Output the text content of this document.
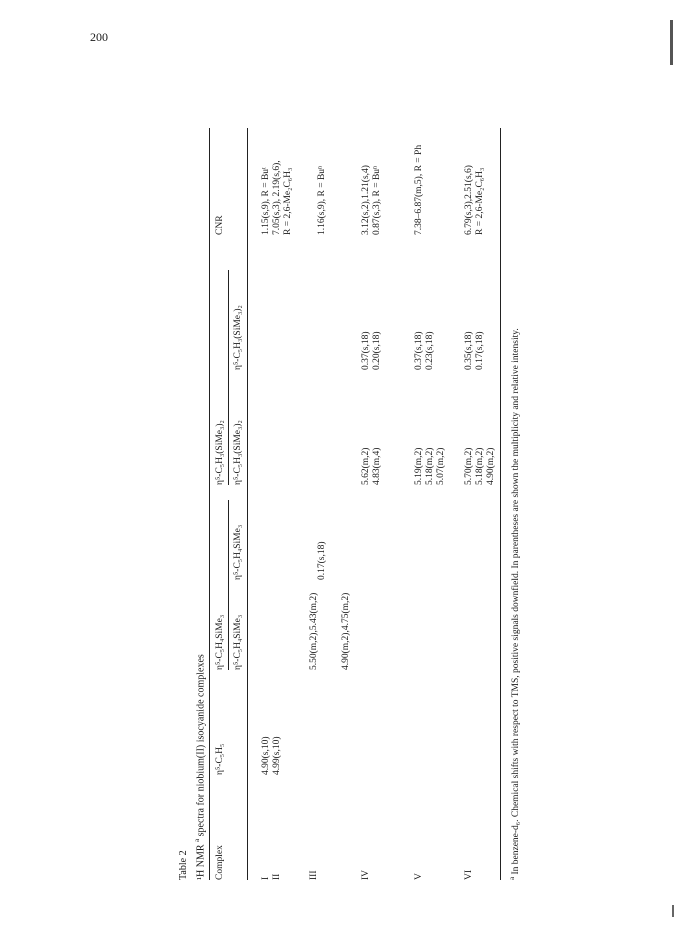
200
Table 2 ¹H NMR $^a$ spectra for niobium(II) isocyanide complexes
Complex
η⁵-C₅H₅
η⁵-C₅H₄SiMe₃ η⁵-C₅H₄SiMe₃
η⁵-C₅H₄SiMe₃
η⁵-C₅H₃(SiMe₃)₂ η⁵-C₅H₃(SiMe₃)₂
η⁵-C₅H₃(SiMe₃)₂
CNR
I
4.90(s,10)
1.15(s,9), R = Buᵗ
II
4.99(s,10)
7.05(s,3), 2.19(s,6), R = 2,6-Me₂C₆H₃
III
5.50(m,2),5.43(m,2)
0.17(s,18)
1.16(s,9), R = Buⁿ
IV
4.90(m,2),4.75(m,2)
5.62(m,2) 4.83(m,4)
0.37(s,18) 0.20(s,18)
3.12(s,2),1.21(s,4) 0.87(s,3), R = Buⁿ
V
5.19(m,2) 5.18(m,2) 5.07(m,2)
0.37(s,18) 0.23(s,18)
7.38–6.87(m,5), R = Ph
VI
5.70(m,2) 5.18(m,2) 4.90(m,2)
0.35(s,18) 0.17(s,18)
6.79(s,3),2.51(s,6) R = 2,6-Me₂C₆H₃
$^a$ In benzene-d₆. Chemical shifts with respect to TMS, positive signals downfield. In parentheses are shown the multiplicity and relative intensity.
